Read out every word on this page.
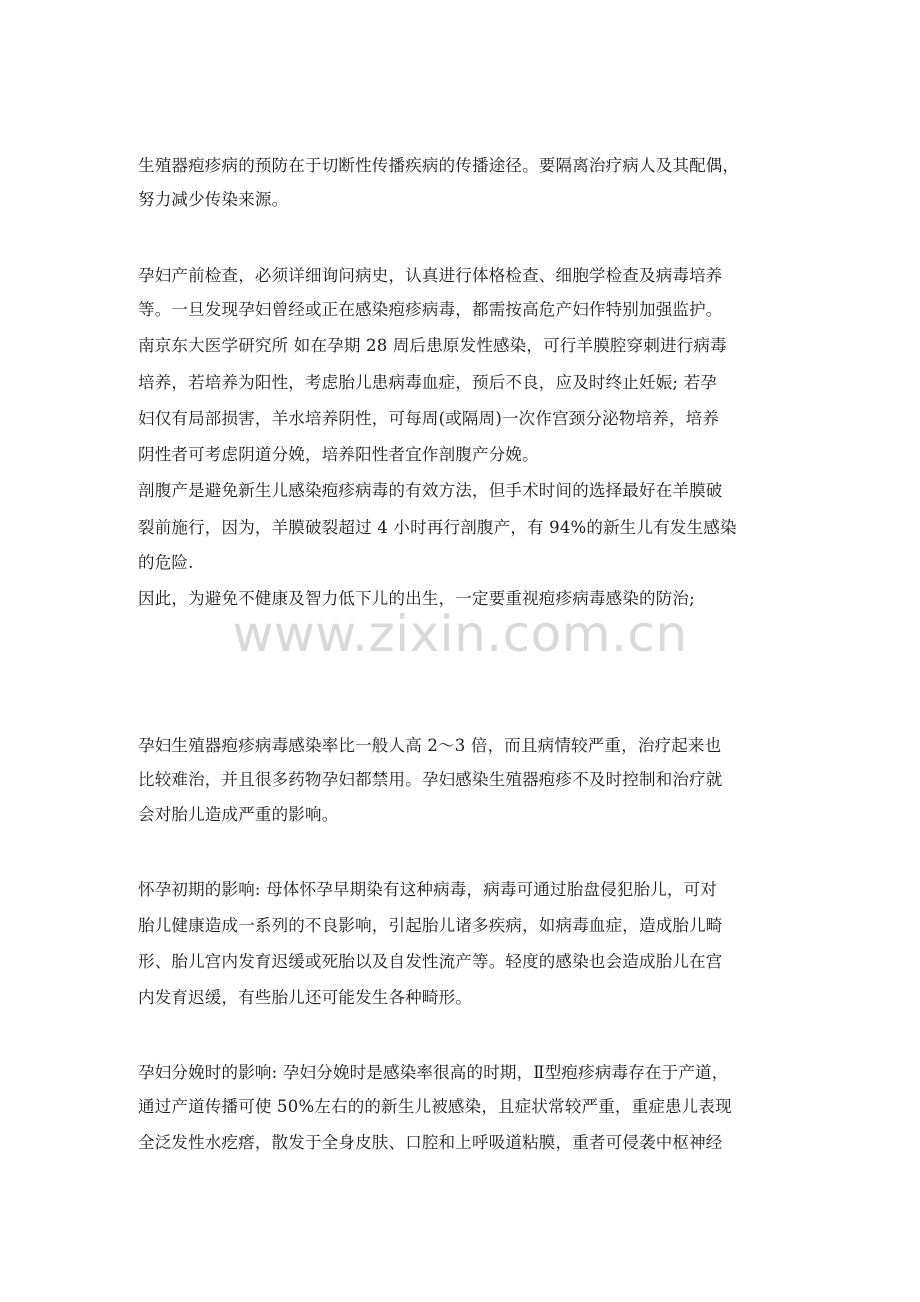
生殖器疱疹病的预防在于切断性传播疾病的传播途径。要隔离治疗病人及其配偶，
努力减少传染来源。
孕妇产前检查，必须详细询问病史，认真进行体格检查、细胞学检查及病毒培养
等。一旦发现孕妇曾经或正在感染疱疹病毒，都需按高危产妇作特别加强监护。
南京东大医学研究所 如在孕期 28 周后患原发性感染，可行羊膜腔穿刺进行病毒
培养，若培养为阳性，考虑胎儿患病毒血症，预后不良，应及时终止妊娠; 若孕
妇仅有局部损害，羊水培养阴性，可每周(或隔周)一次作宫颈分泌物培养，培养
阴性者可考虑阴道分娩，培养阳性者宜作剖腹产分娩。
剖腹产是避免新生儿感染疱疹病毒的有效方法，但手术时间的选择最好在羊膜破
裂前施行，因为，羊膜破裂超过 4 小时再行剖腹产，有 94%的新生儿有发生感染
的危险.
因此，为避免不健康及智力低下儿的出生，一定要重视疱疹病毒感染的防治;
www.zixin.com.cn
孕妇生殖器疱疹病毒感染率比一般人高 2～3 倍，而且病情较严重，治疗起来也
比较难治，并且很多药物孕妇都禁用。孕妇感染生殖器疱疹不及时控制和治疗就
会对胎儿造成严重的影响。
怀孕初期的影响: 母体怀孕早期染有这种病毒，病毒可通过胎盘侵犯胎儿，可对
胎儿健康造成一系列的不良影响，引起胎儿诸多疾病，如病毒血症，造成胎儿畸
形、胎儿宫内发育迟缓或死胎以及自发性流产等。轻度的感染也会造成胎儿在宫
内发育迟缓，有些胎儿还可能发生各种畸形。
孕妇分娩时的影响: 孕妇分娩时是感染率很高的时期，Ⅱ型疱疹病毒存在于产道，
通过产道传播可使 50%左右的的新生儿被感染，且症状常较严重，重症患儿表现
全泛发性水疙瘩，散发于全身皮肤、口腔和上呼吸道粘膜，重者可侵袭中枢神经
